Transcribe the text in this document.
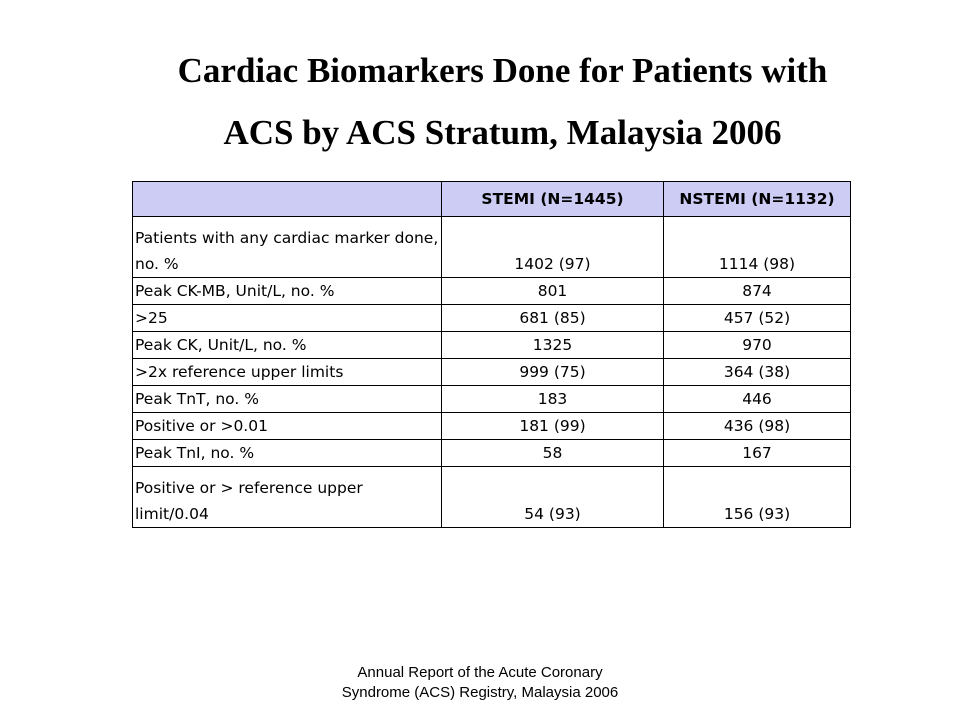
Cardiac Biomarkers Done for Patients with
ACS by ACS Stratum, Malaysia 2006
	STEMI (N=1445)	NSTEMI (N=1132)
Patients with any cardiac marker done, no. %	1402 (97)	1114 (98)
Peak CK-MB, Unit/L, no. %	801	874
>25	681 (85)	457 (52)
Peak CK, Unit/L, no. %	1325	970
>2x reference upper limits	999 (75)	364 (38)
Peak TnT, no. %	183	446
Positive or >0.01	181 (99)	436 (98)
Peak TnI, no. %	58	167
Positive or > reference upper limit/0.04	54 (93)	156 (93)
Annual Report of the Acute Coronary
Syndrome (ACS) Registry, Malaysia 2006
